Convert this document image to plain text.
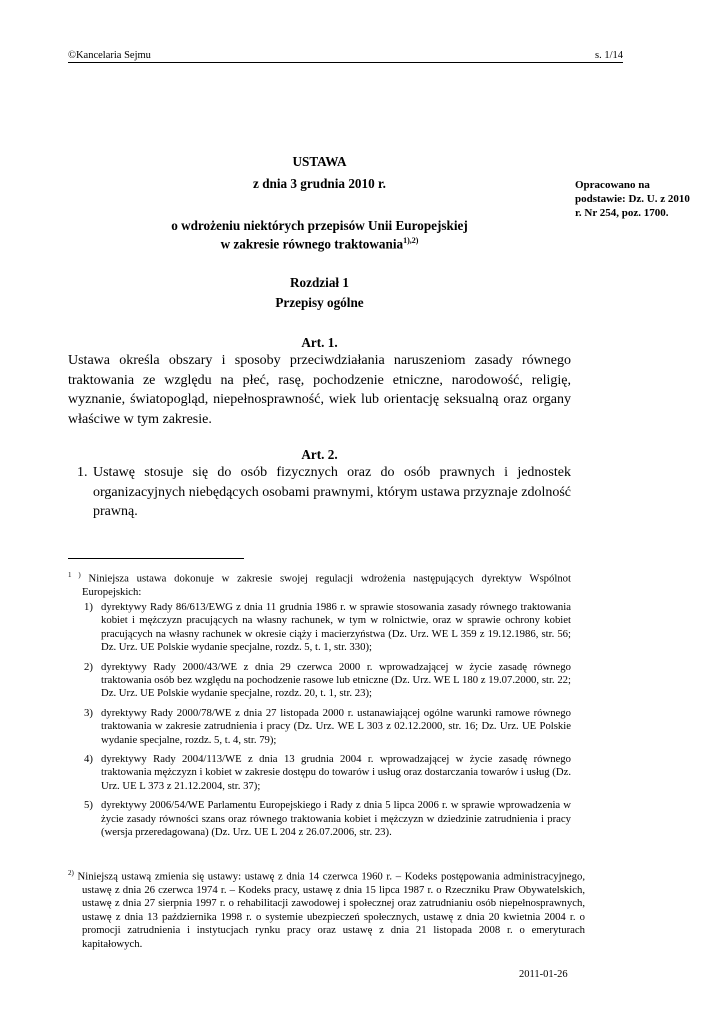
©Kancelaria Sejmu	s. 1/14
Opracowano na podstawie: Dz. U. z 2010 r. Nr 254, poz. 1700.
USTAWA
z dnia 3 grudnia 2010 r.
o wdrożeniu niektórych przepisów Unii Europejskiej
w zakresie równego traktowania$^{1),2)}$
Rozdział 1
Przepisy ogólne
Art. 1.
Ustawa określa obszary i sposoby przeciwdziałania naruszeniom zasady równego traktowania ze względu na płeć, rasę, pochodzenie etniczne, narodowość, religię, wyznanie, światopogląd, niepełnosprawność, wiek lub orientację seksualną oraz organy właściwe w tym zakresie.
Art. 2.
1. Ustawę stosuje się do osób fizycznych oraz do osób prawnych i jednostek organizacyjnych niebędących osobami prawnymi, którym ustawa przyznaje zdolność prawną.
$^{1 )}$ Niniejsza ustawa dokonuje w zakresie swojej regulacji wdrożenia następujących dyrektyw Wspólnot Europejskich:
1) dyrektywy Rady 86/613/EWG z dnia 11 grudnia 1986 r. w sprawie stosowania zasady równego traktowania kobiet i mężczyzn pracujących na własny rachunek, w tym w rolnictwie, oraz w sprawie ochrony kobiet pracujących na własny rachunek w okresie ciąży i macierzyństwa (Dz. Urz. WE L 359 z 19.12.1986, str. 56; Dz. Urz. UE Polskie wydanie specjalne, rozdz. 5, t. 1, str. 330);
2) dyrektywy Rady 2000/43/WE z dnia 29 czerwca 2000 r. wprowadzającej w życie zasadę równego traktowania osób bez względu na pochodzenie rasowe lub etniczne (Dz. Urz. WE L 180 z 19.07.2000, str. 22; Dz. Urz. UE Polskie wydanie specjalne, rozdz. 20, t. 1, str. 23);
3) dyrektywy Rady 2000/78/WE z dnia 27 listopada 2000 r. ustanawiającej ogólne warunki ramowe równego traktowania w zakresie zatrudnienia i pracy (Dz. Urz. WE L 303 z 02.12.2000, str. 16; Dz. Urz. UE Polskie wydanie specjalne, rozdz. 5, t. 4, str. 79);
4) dyrektywy Rady 2004/113/WE z dnia 13 grudnia 2004 r. wprowadzającej w życie zasadę równego traktowania mężczyzn i kobiet w zakresie dostępu do towarów i usług oraz dostarczania towarów i usług (Dz. Urz. UE L 373 z 21.12.2004, str. 37);
5) dyrektywy 2006/54/WE Parlamentu Europejskiego i Rady z dnia 5 lipca 2006 r. w sprawie wprowadzenia w życie zasady równości szans oraz równego traktowania kobiet i mężczyzn w dziedzinie zatrudnienia i pracy (wersja przeredagowana) (Dz. Urz. UE L 204 z 26.07.2006, str. 23).
$^{2)}$ Niniejszą ustawą zmienia się ustawy: ustawę z dnia 14 czerwca 1960 r. – Kodeks postępowania administracyjnego, ustawę z dnia 26 czerwca 1974 r. – Kodeks pracy, ustawę z dnia 15 lipca 1987 r. o Rzeczniku Praw Obywatelskich, ustawę z dnia 27 sierpnia 1997 r. o rehabilitacji zawodowej i społecznej oraz zatrudnianiu osób niepełnosprawnych, ustawę z dnia 13 października 1998 r. o systemie ubezpieczeń społecznych, ustawę z dnia 20 kwietnia 2004 r. o promocji zatrudnienia i instytucjach rynku pracy oraz ustawę z dnia 21 listopada 2008 r. o emeryturach kapitałowych.
2011-01-26
